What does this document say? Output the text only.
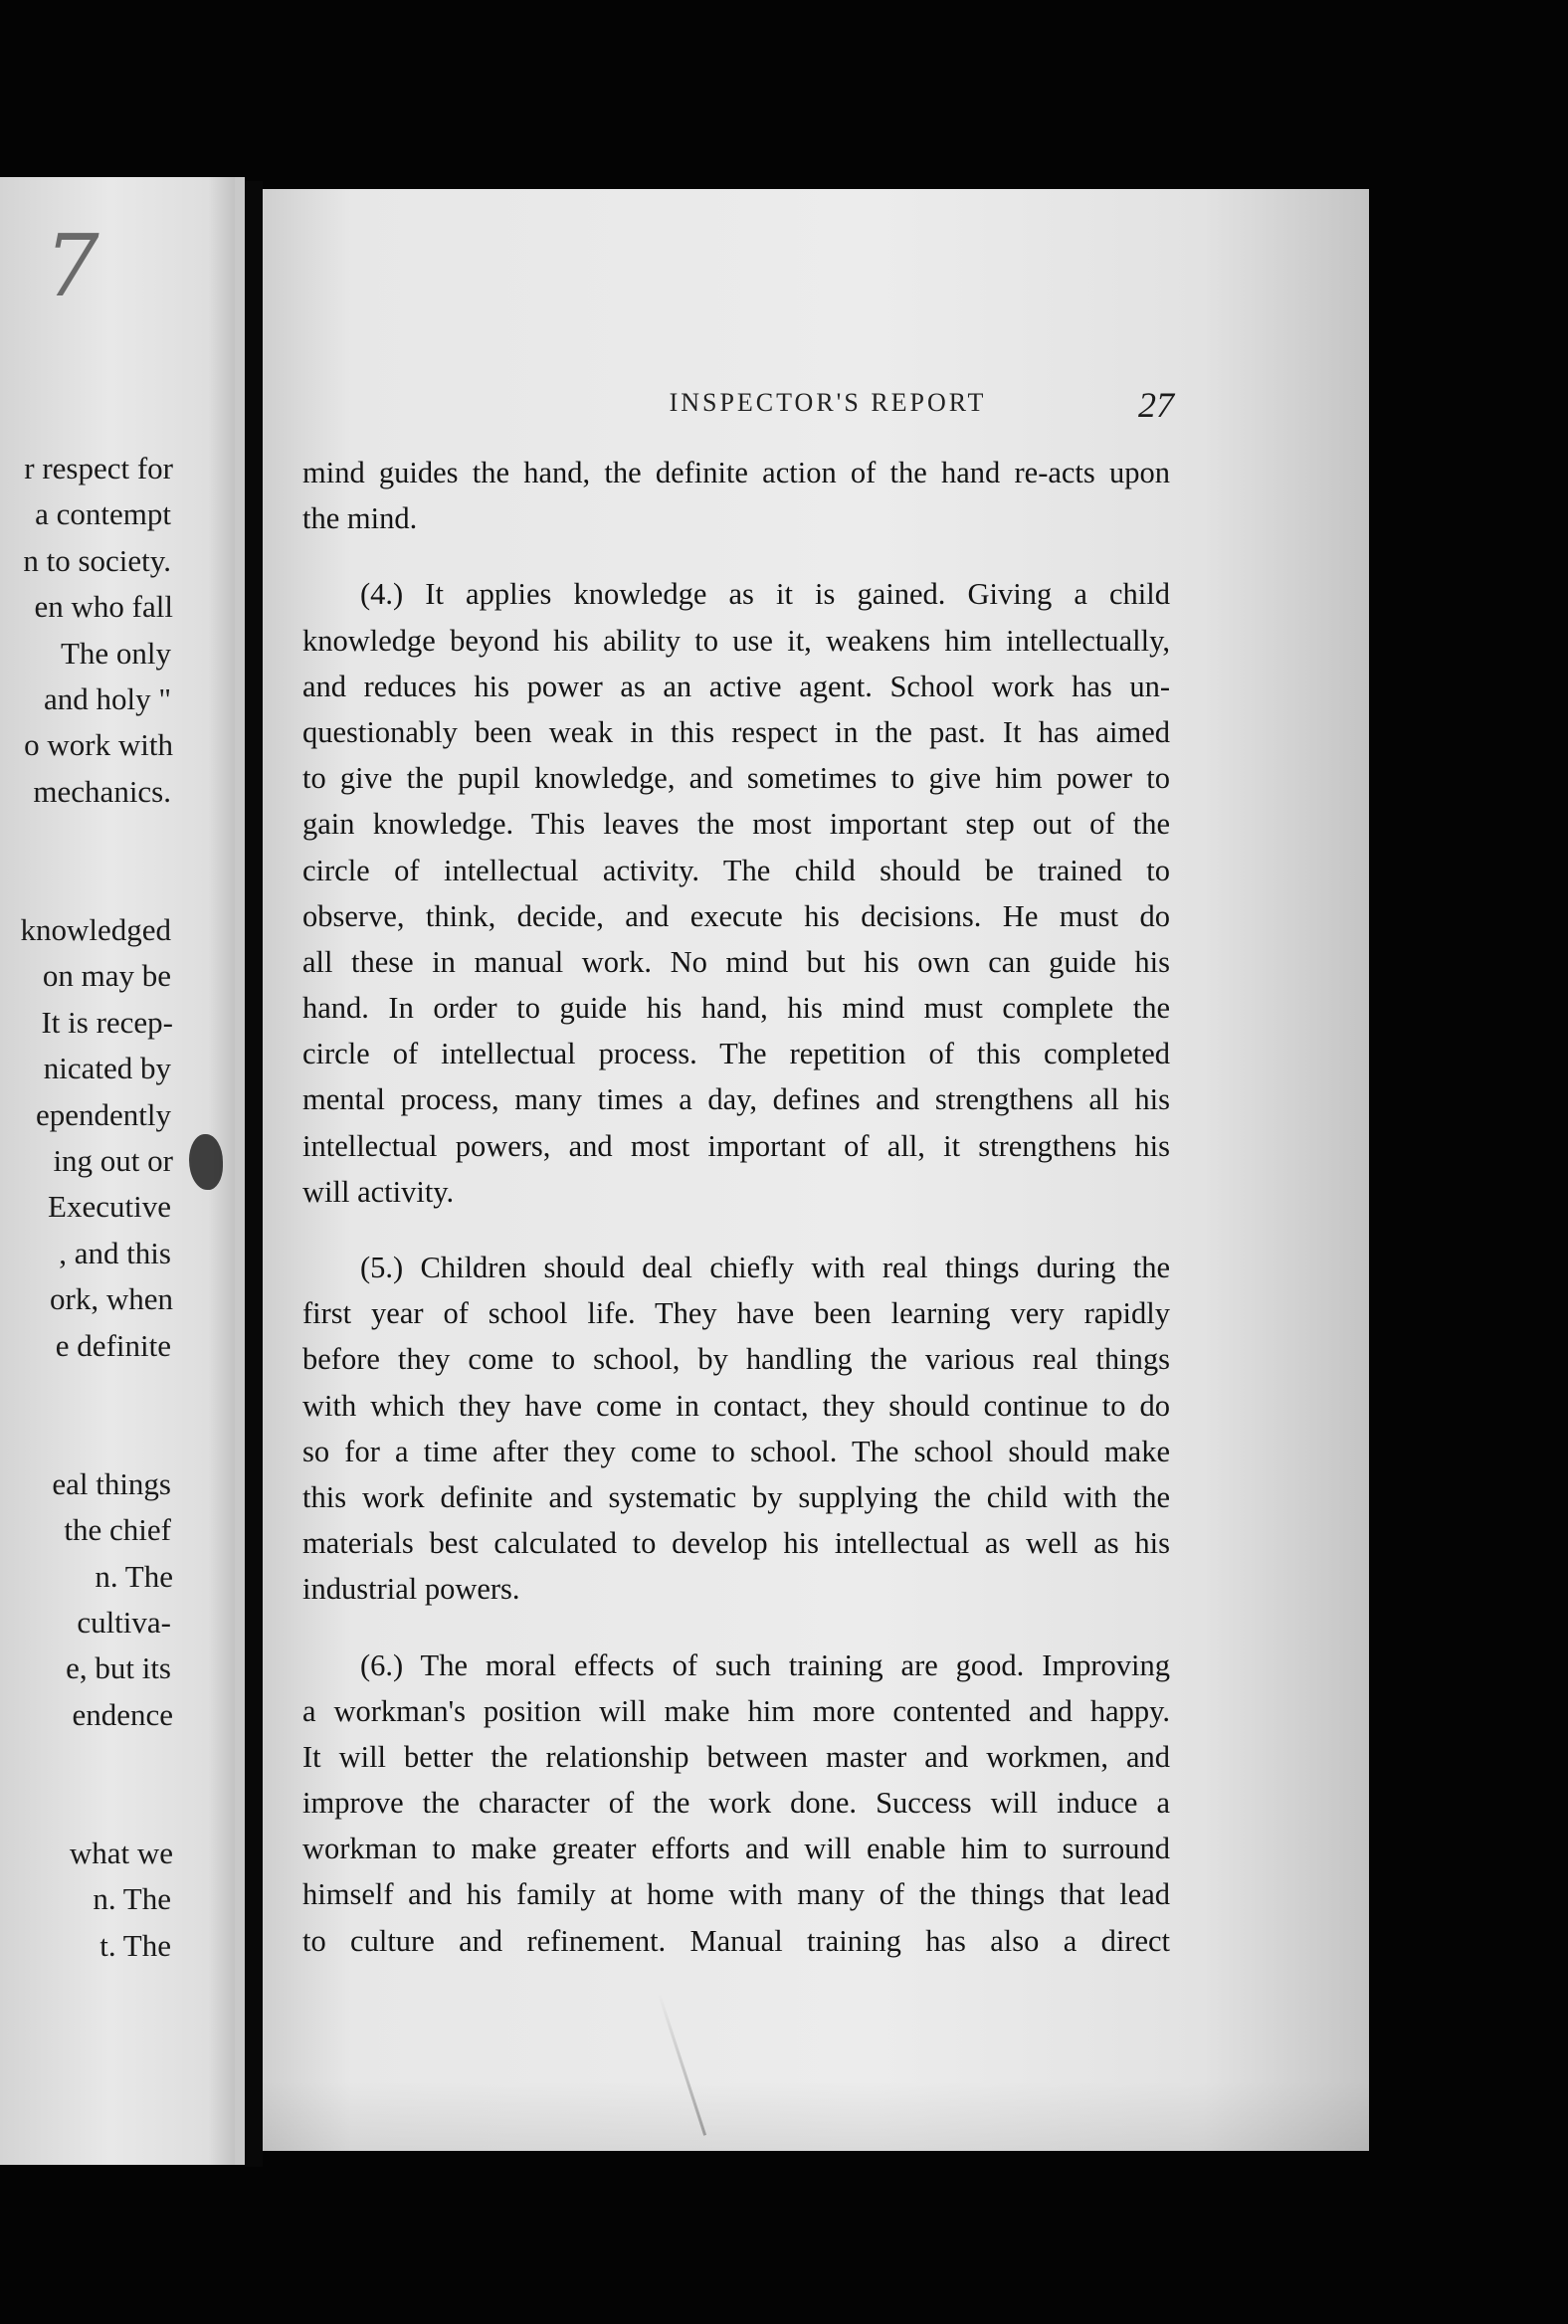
7
r respect for
a contempt
n to society.
en who fall
The only
and holy "
o work with
mechanics.
knowledged
on may be
It is recep-
nicated by
ependently
ing out or
Executive
, and this
ork, when
e definite
eal things
the chief
n. The
cultiva-
e, but its
endence
what we
n. The
t. The
INSPECTOR'S REPORT	27
mind guides the hand, the definite action of the hand re-acts upon
the mind.
(4.) It applies knowledge as it is gained. Giving a child
knowledge beyond his ability to use it, weakens him intellectually,
and reduces his power as an active agent. School work has un-
questionably been weak in this respect in the past. It has aimed
to give the pupil knowledge, and sometimes to give him power to
gain knowledge. This leaves the most important step out of the
circle of intellectual activity. The child should be trained to
observe, think, decide, and execute his decisions. He must do
all these in manual work. No mind but his own can guide his
hand. In order to guide his hand, his mind must complete the
circle of intellectual process. The repetition of this completed
mental process, many times a day, defines and strengthens all his
intellectual powers, and most important of all, it strengthens his
will activity.
(5.) Children should deal chiefly with real things during the
first year of school life. They have been learning very rapidly
before they come to school, by handling the various real things
with which they have come in contact, they should continue to do
so for a time after they come to school. The school should make
this work definite and systematic by supplying the child with the
materials best calculated to develop his intellectual as well as his
industrial powers.
(6.) The moral effects of such training are good. Improving
a workman's position will make him more contented and happy.
It will better the relationship between master and workmen, and
improve the character of the work done. Success will induce a
workman to make greater efforts and will enable him to surround
himself and his family at home with many of the things that lead
to culture and refinement. Manual training has also a direct
